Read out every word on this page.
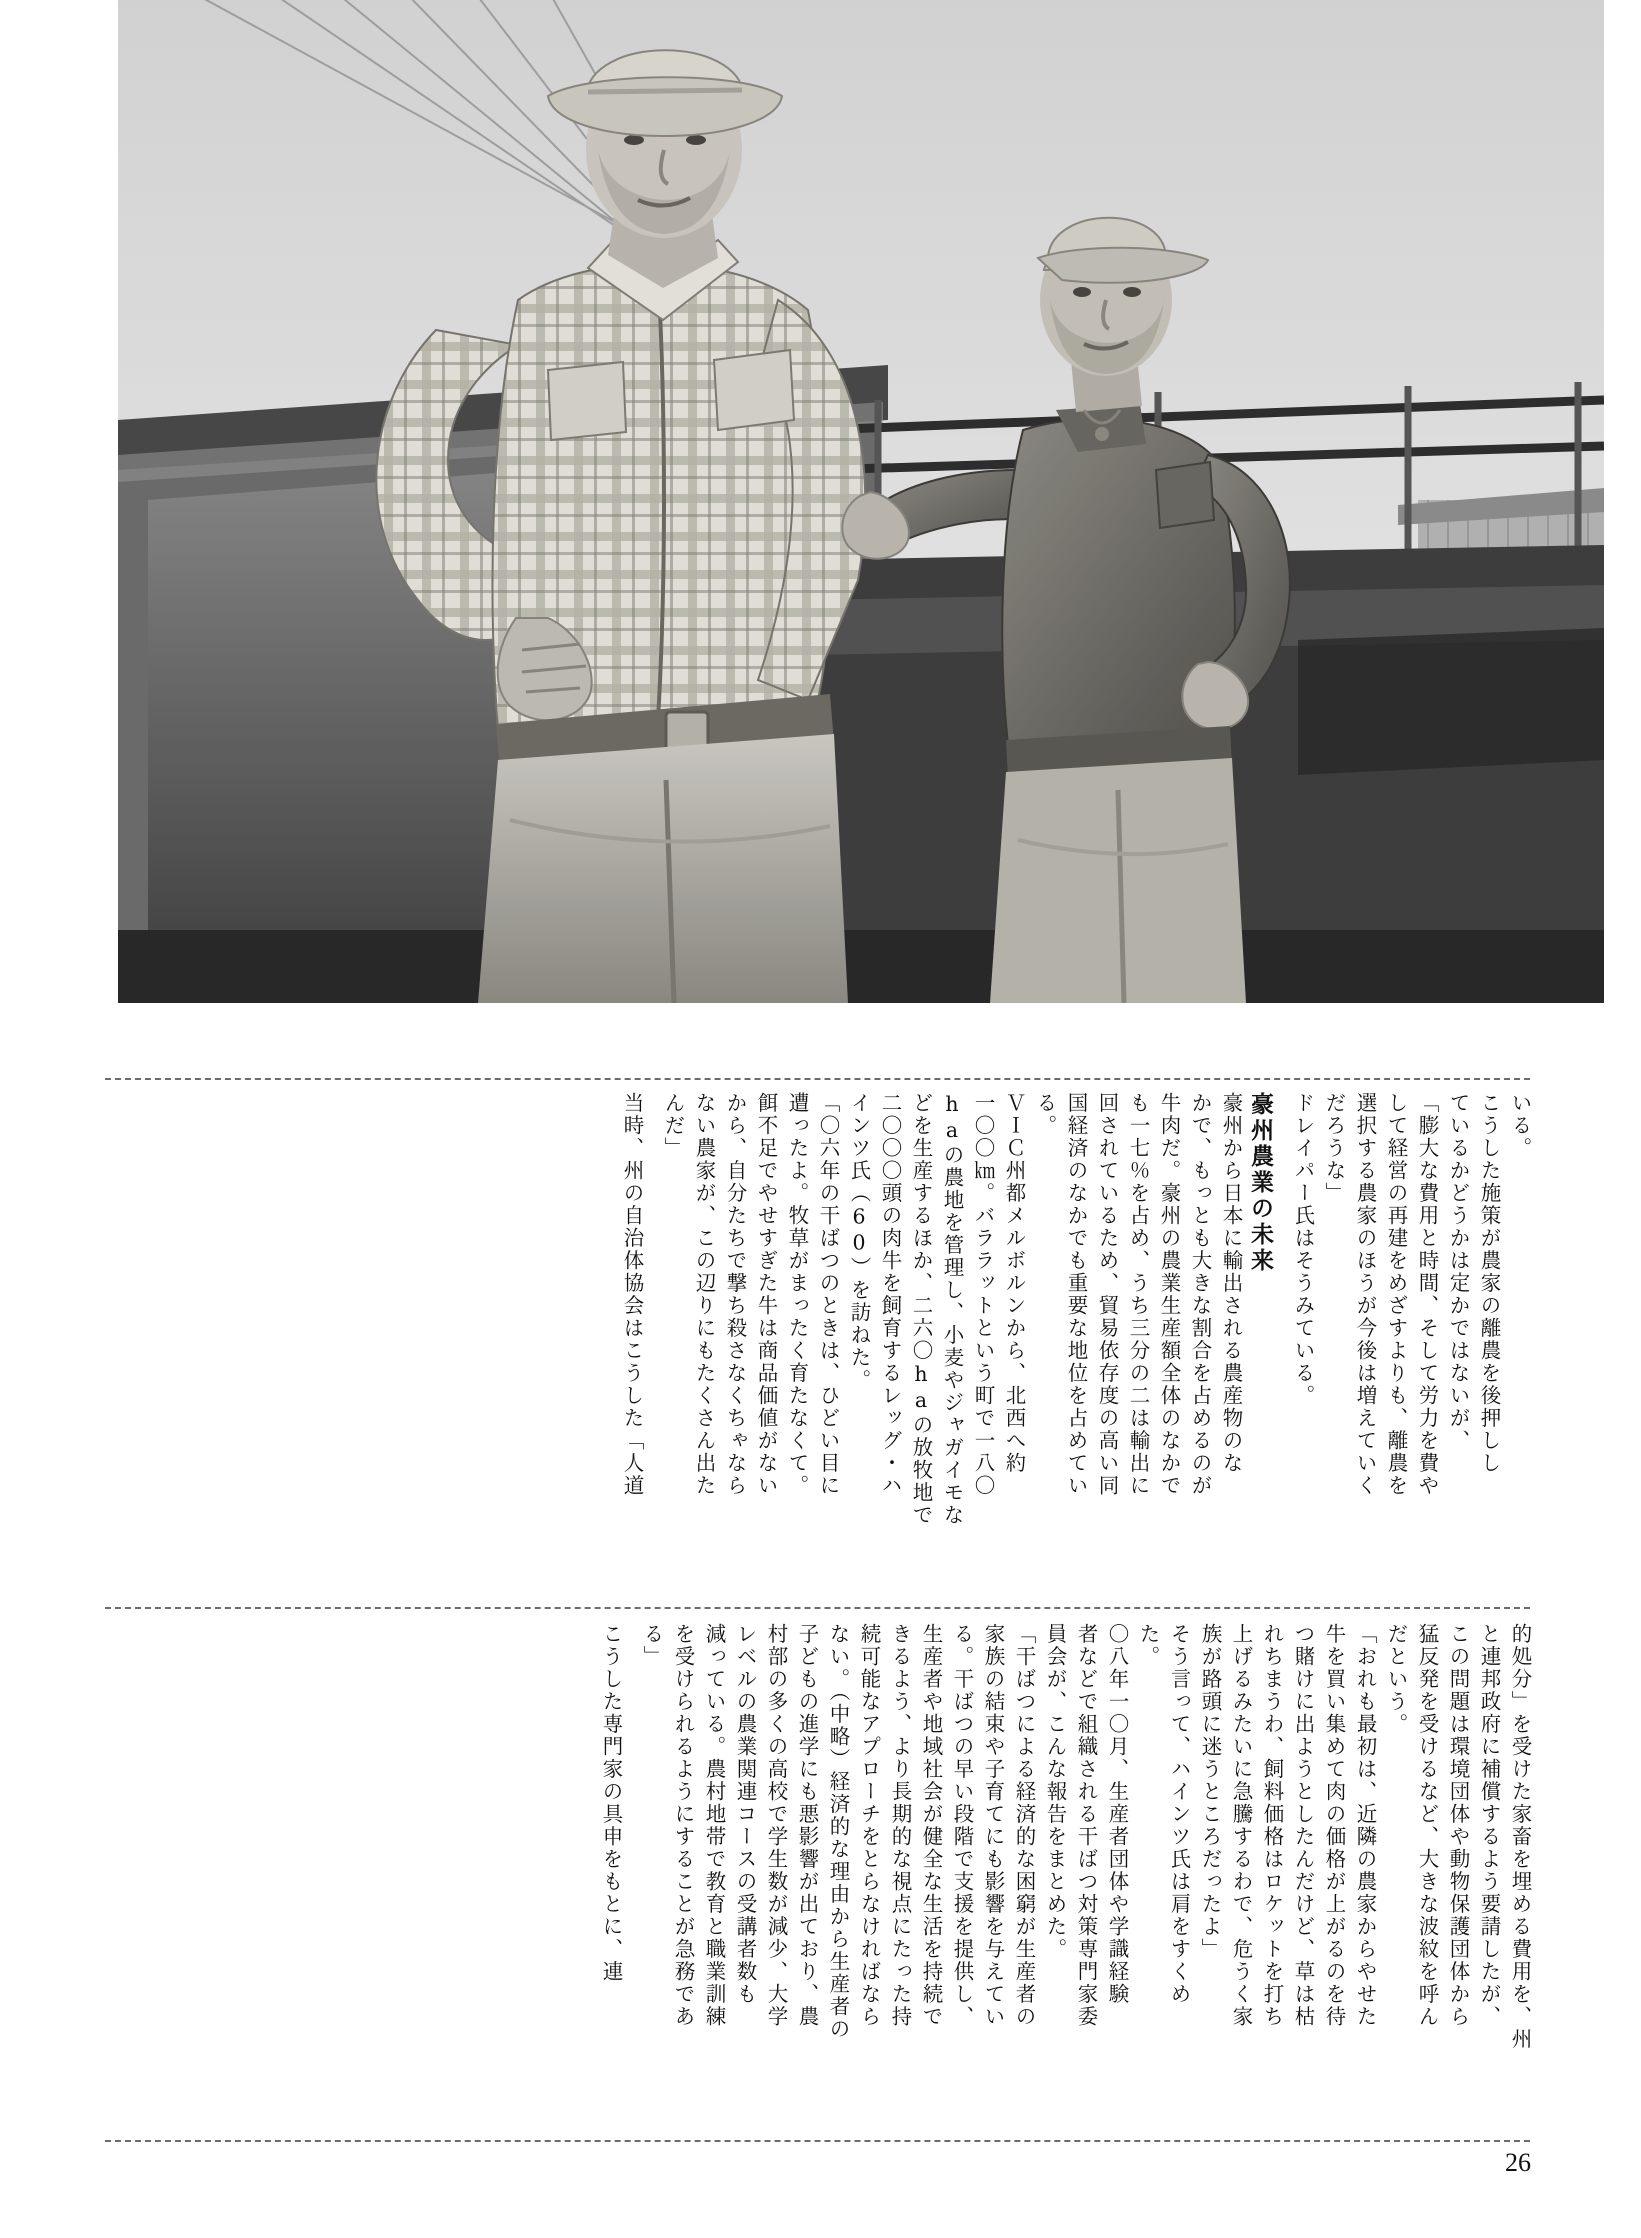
いる。
こうした施策が農家の離農を後押しし
ているかどうかは定かではないが、
「膨大な費用と時間、そして労力を費や
して経営の再建をめざすよりも、離農を
選択する農家のほうが今後は増えていく
だろうな」
ドレイパー氏はそうみている。
豪州農業の未来
豪州から日本に輸出される農産物のな
かで、もっとも大きな割合を占めるのが
牛肉だ。豪州の農業生産額全体のなかで
も一七％を占め、うち三分の二は輸出に
回されているため、貿易依存度の高い同
国経済のなかでも重要な地位を占めてい
る。
ＶＩＣ州都メルボルンから、北西へ約
一〇〇㎞。バララットという町で一八〇
haの農地を管理し、小麦やジャガイモな
どを生産するほか、二六〇haの放牧地で
二〇〇〇頭の肉牛を飼育するレッグ・ハ
インツ氏（60）を訪ねた。
「〇六年の干ばつのときは、ひどい目に
遭ったよ。牧草がまったく育たなくて。
餌不足でやせすぎた牛は商品価値がない
から、自分たちで撃ち殺さなくちゃなら
ない農家が、この辺りにもたくさん出た
んだ」
当時、州の自治体協会はこうした「人道
的処分」を受けた家畜を埋める費用を、州
と連邦政府に補償するよう要請したが、
この問題は環境団体や動物保護団体から
猛反発を受けるなど、大きな波紋を呼ん
だという。
「おれも最初は、近隣の農家からやせた
牛を買い集めて肉の価格が上がるのを待
つ賭けに出ようとしたんだけど、草は枯
れちまうわ、飼料価格はロケットを打ち
上げるみたいに急騰するわで、危うく家
族が路頭に迷うところだったよ」
そう言って、ハインツ氏は肩をすくめ
た。
〇八年一〇月、生産者団体や学識経験
者などで組織される干ばつ対策専門家委
員会が、こんな報告をまとめた。
「干ばつによる経済的な困窮が生産者の
家族の結束や子育てにも影響を与えてい
る。干ばつの早い段階で支援を提供し、
生産者や地域社会が健全な生活を持続で
きるよう、より長期的な視点にたった持
続可能なアプローチをとらなければなら
ない。（中略）経済的な理由から生産者の
子どもの進学にも悪影響が出ており、農
村部の多くの高校で学生数が減少、大学
レベルの農業関連コースの受講者数も
減っている。農村地帯で教育と職業訓練
を受けられるようにすることが急務であ
る」
こうした専門家の具申をもとに、連
26
